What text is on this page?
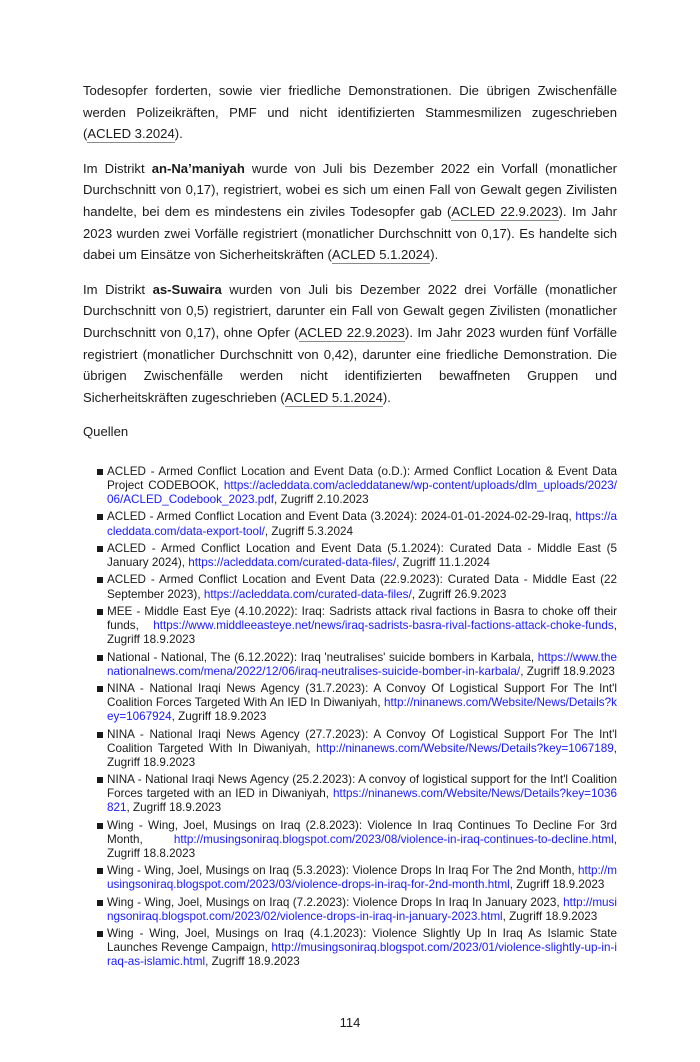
Todesopfer forderten, sowie vier friedliche Demonstrationen. Die übrigen Zwischenfälle werden Polizeikräften, PMF und nicht identifizierten Stammesmilizen zugeschrieben (ACLED 3.2024).

Im Distrikt an-Na’maniyah wurde von Juli bis Dezember 2022 ein Vorfall (monatlicher Durchschnitt von 0,17), registriert, wobei es sich um einen Fall von Gewalt gegen Zivilisten handelte, bei dem es mindestens ein ziviles Todesopfer gab (ACLED 22.9.2023). Im Jahr 2023 wurden zwei Vorfälle registriert (monatlicher Durchschnitt von 0,17). Es handelte sich dabei um Einsätze von Sicherheitskräften (ACLED 5.1.2024).

Im Distrikt as-Suwaira wurden von Juli bis Dezember 2022 drei Vorfälle (monatlicher Durchschnitt von 0,5) registriert, darunter ein Fall von Gewalt gegen Zivilisten (monatlicher Durchschnitt von 0,17), ohne Opfer (ACLED 22.9.2023). Im Jahr 2023 wurden fünf Vorfälle registriert (monatlicher Durchschnitt von 0,42), darunter eine friedliche Demonstration. Die übrigen Zwischenfälle werden nicht identifizierten bewaffneten Gruppen und Sicherheitskräften zugeschrieben (ACLED 5.1.2024).

Quellen
ACLED - Armed Conflict Location and Event Data (o.D.): Armed Conflict Location & Event Data Project CODEBOOK, https://acleddata.com/acleddatanew/wp-content/uploads/dlm_uploads/2023/06/ACLED_Codebook_2023.pdf, Zugriff 2.10.2023
ACLED - Armed Conflict Location and Event Data (3.2024): 2024-01-01-2024-02-29-Iraq, https://acleddata.com/data-export-tool/, Zugriff 5.3.2024
ACLED - Armed Conflict Location and Event Data (5.1.2024): Curated Data - Middle East (5 January 2024), https://acleddata.com/curated-data-files/, Zugriff 11.1.2024
ACLED - Armed Conflict Location and Event Data (22.9.2023): Curated Data - Middle East (22 September 2023), https://acleddata.com/curated-data-files/, Zugriff 26.9.2023
MEE - Middle East Eye (4.10.2022): Iraq: Sadrists attack rival factions in Basra to choke off their funds, https://www.middleeasteye.net/news/iraq-sadrists-basra-rival-factions-attack-choke-funds, Zugriff 18.9.2023
National - National, The (6.12.2022): Iraq 'neutralises' suicide bombers in Karbala, https://www.thenationalnews.com/mena/2022/12/06/iraq-neutralises-suicide-bomber-in-karbala/, Zugriff 18.9.2023
NINA - National Iraqi News Agency (31.7.2023): A Convoy Of Logistical Support For The Int'l Coalition Forces Targeted With An IED In Diwaniyah, http://ninanews.com/Website/News/Details?key=1067924, Zugriff 18.9.2023
NINA - National Iraqi News Agency (27.7.2023): A Convoy Of Logistical Support For The Int'l Coalition Targeted With In Diwaniyah, http://ninanews.com/Website/News/Details?key=1067189, Zugriff 18.9.2023
NINA - National Iraqi News Agency (25.2.2023): A convoy of logistical support for the Int'l Coalition Forces targeted with an IED in Diwaniyah, https://ninanews.com/Website/News/Details?key=1036821, Zugriff 18.9.2023
Wing - Wing, Joel, Musings on Iraq (2.8.2023): Violence In Iraq Continues To Decline For 3rd Month, http://musingsoniraq.blogspot.com/2023/08/violence-in-iraq-continues-to-decline.html, Zugriff 18.8.2023
Wing - Wing, Joel, Musings on Iraq (5.3.2023): Violence Drops In Iraq For The 2nd Month, http://musingsoniraq.blogspot.com/2023/03/violence-drops-in-iraq-for-2nd-month.html, Zugriff 18.9.2023
Wing - Wing, Joel, Musings on Iraq (7.2.2023): Violence Drops In Iraq In January 2023, http://musingsoniraq.blogspot.com/2023/02/violence-drops-in-iraq-in-january-2023.html, Zugriff 18.9.2023
Wing - Wing, Joel, Musings on Iraq (4.1.2023): Violence Slightly Up In Iraq As Islamic State Launches Revenge Campaign, http://musingsoniraq.blogspot.com/2023/01/violence-slightly-up-in-iraq-as-islamic.html, Zugriff 18.9.2023
114
